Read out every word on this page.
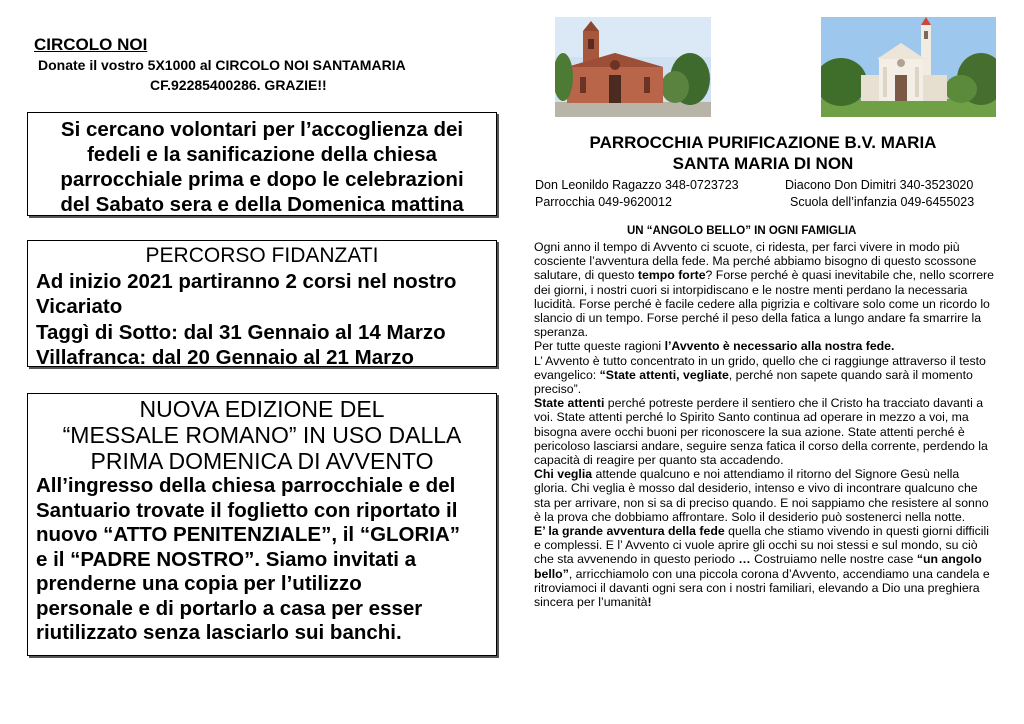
CIRCOLO NOI
Donate il vostro 5X1000 al CIRCOLO NOI SANTAMARIA
CF.92285400286. GRAZIE!!
Si cercano volontari per l’accoglienza dei
fedeli e la sanificazione della chiesa
parrocchiale prima e dopo le celebrazioni
del Sabato sera e della Domenica mattina
PERCORSO FIDANZATI
Ad inizio 2021 partiranno 2 corsi nel nostro
Vicariato
Taggì di Sotto: dal 31 Gennaio al 14 Marzo
Villafranca: dal 20 Gennaio al 21 Marzo
NUOVA EDIZIONE DEL
“MESSALE ROMANO” IN USO DALLA
PRIMA DOMENICA DI AVVENTO
All’ingresso della chiesa parrocchiale e del
Santuario trovate il foglietto con riportato il
nuovo “ATTO PENITENZIALE”, il “GLORIA”
e il “PADRE NOSTRO”. Siamo invitati a
prenderne una copia per l’utilizzo
personale e di portarlo a casa per esser
riutilizzato senza lasciarlo sui banchi.
PARROCCHIA PURIFICAZIONE B.V. MARIA
SANTA MARIA DI NON
Don Leonildo Ragazzo 348-0723723	Diacono Don Dimitri 340-3523020
Parrocchia 049-9620012	Scuola dell’infanzia 049-6455023
UN “ANGOLO BELLO” IN OGNI FAMIGLIA

Ogni anno il tempo di Avvento ci scuote, ci ridesta, per farci vivere in modo più cosciente l’avventura della fede. Ma perché abbiamo bisogno di questo scossone salutare, di questo tempo forte? Forse perché è quasi inevitabile che, nello scorrere dei giorni, i nostri cuori si intorpidiscano e le nostre menti perdano la necessaria lucidità. Forse perché è facile cedere alla pigrizia e coltivare solo come un ricordo lo slancio di un tempo. Forse perché il peso della fatica a lungo andare fa smarrire la speranza.

Per tutte queste ragioni l’Avvento è necessario alla nostra fede.

L’ Avvento è tutto concentrato in un grido, quello che ci raggiunge attraverso il testo evangelico: “State attenti, vegliate, perché non sapete quando sarà il momento preciso”.

State attenti perché potreste perdere il sentiero che il Cristo ha tracciato davanti a voi. State attenti perché lo Spirito Santo continua ad operare in mezzo a voi, ma bisogna avere occhi buoni per riconoscere la sua azione. State attenti perché è pericoloso lasciarsi andare, seguire senza fatica il corso della corrente, perdendo la capacità di reagire per quanto sta accadendo.

Chi veglia attende qualcuno e noi attendiamo il ritorno del Signore Gesù nella gloria. Chi veglia è mosso dal desiderio, intenso e vivo di incontrare qualcuno che sta per arrivare, non si sa di preciso quando. E noi sappiamo che resistere al sonno è la prova che dobbiamo affrontare. Solo il desiderio può sostenerci nella notte.

E’ la grande avventura della fede quella che stiamo vivendo in questi giorni difficili e complessi. E l’ Avvento ci vuole aprire gli occhi su noi stessi e sul mondo, su ciò che sta avvenendo in questo periodo … Costruiamo nelle nostre case “un angolo bello”, arricchiamolo con una piccola corona d’Avvento, accendiamo una candela e ritroviamoci il davanti ogni sera con i nostri familiari, elevando a Dio una preghiera sincera per l’umanità!
